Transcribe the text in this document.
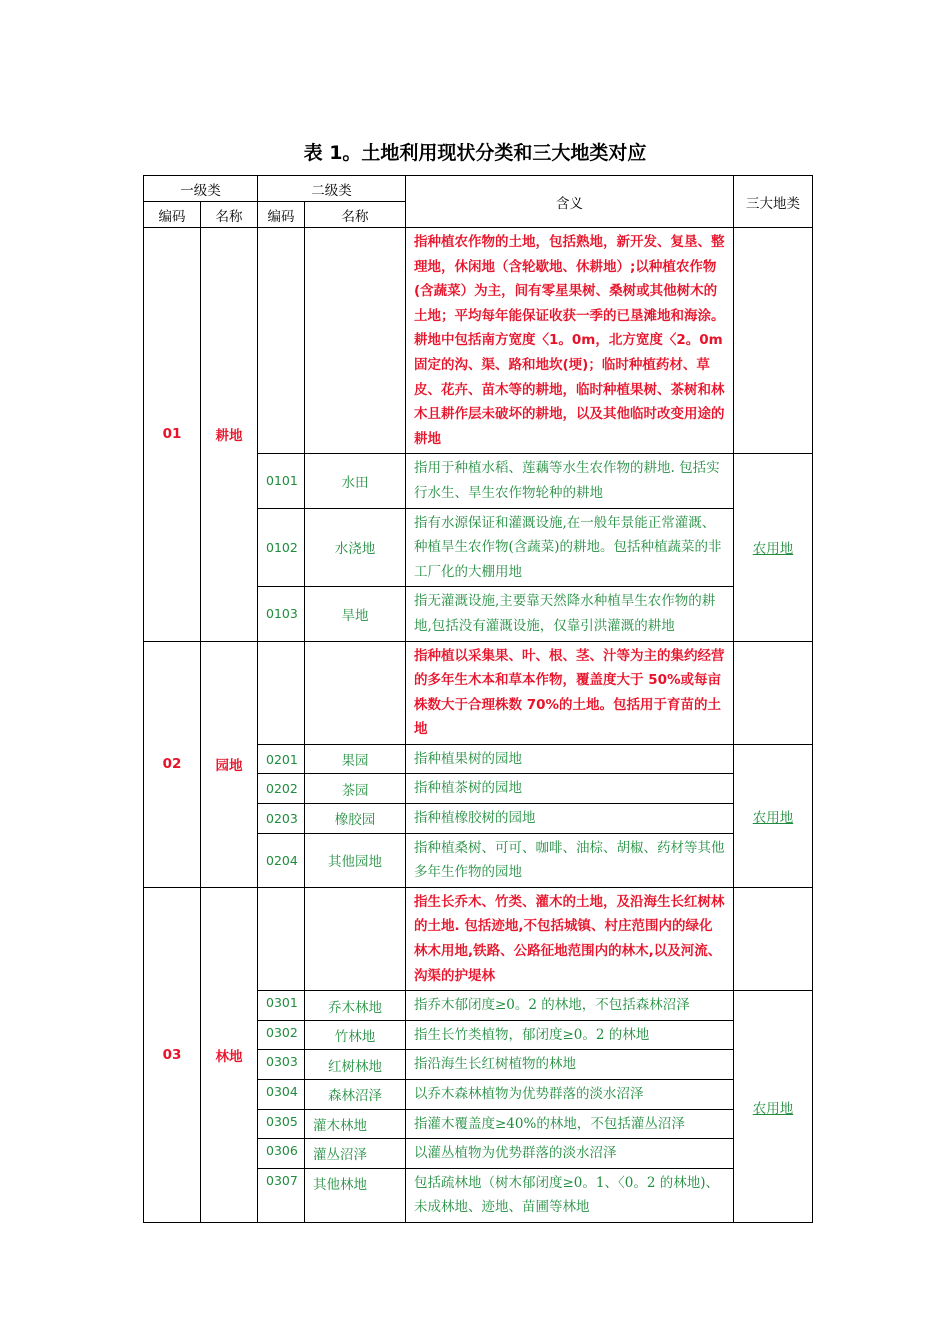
表 1。土地利用现状分类和三大地类对应
一级类		二级类		含义	三大地类
编码	名称	编码	名称		
01	耕地			指种植农作物的土地，包括熟地，新开发、复垦、整理地，休闲地（含轮歇地、休耕地）;以种植农作物(含蔬菜）为主，间有零星果树、桑树或其他树木的土地；平均每年能保证收获一季的已垦滩地和海涂。耕地中包括南方宽度〈1。0m，北方宽度〈2。0m固定的沟、渠、路和地坎(埂)；临时种植药材、草皮、花卉、苗木等的耕地，临时种植果树、茶树和林木且耕作层未破坏的耕地，以及其他临时改变用途的耕地	
		0101	水田	指用于种植水稻、莲藕等水生农作物的耕地. 包括实行水生、旱生农作物轮种的耕地	农用地
		0102	水浇地	指有水源保证和灌溉设施,在一般年景能正常灌溉、种植旱生农作物(含蔬菜)的耕地。包括种植蔬菜的非工厂化的大棚用地	
		0103	旱地	指无灌溉设施,主要靠天然降水种植旱生农作物的耕地,包括没有灌溉设施，仅靠引洪灌溉的耕地	
02	园地			指种植以采集果、叶、根、茎、汁等为主的集约经营的多年生木本和草本作物，覆盖度大于 50%或每亩株数大于合理株数 70%的土地。包括用于育苗的土地	
		0201	果园	指种植果树的园地	农用地
		0202	茶园	指种植茶树的园地	
		0203	橡胶园	指种植橡胶树的园地	
		0204	其他园地	指种植桑树、可可、咖啡、油棕、胡椒、药材等其他多年生作物的园地	
03	林地			指生长乔木、竹类、灌木的土地，及沿海生长红树林的土地. 包括迹地,不包括城镇、村庄范围内的绿化林木用地,铁路、公路征地范围内的林木,以及河流、沟渠的护堤林	
		0301	乔木林地	指乔木郁闭度≥0。2 的林地，不包括森林沼泽	农用地
		0302	竹林地	指生长竹类植物，郁闭度≥0。2 的林地	
		0303	红树林地	指沿海生长红树植物的林地	
		0304	森林沼泽	以乔木森林植物为优势群落的淡水沼泽	
		0305	灌木林地	指灌木覆盖度≥40%的林地，不包括灌丛沼泽	
		0306	灌丛沼泽	以灌丛植物为优势群落的淡水沼泽	
		0307	其他林地	包括疏林地（树木郁闭度≥0。1、〈0。2 的林地)、未成林地、迹地、苗圃等林地	
